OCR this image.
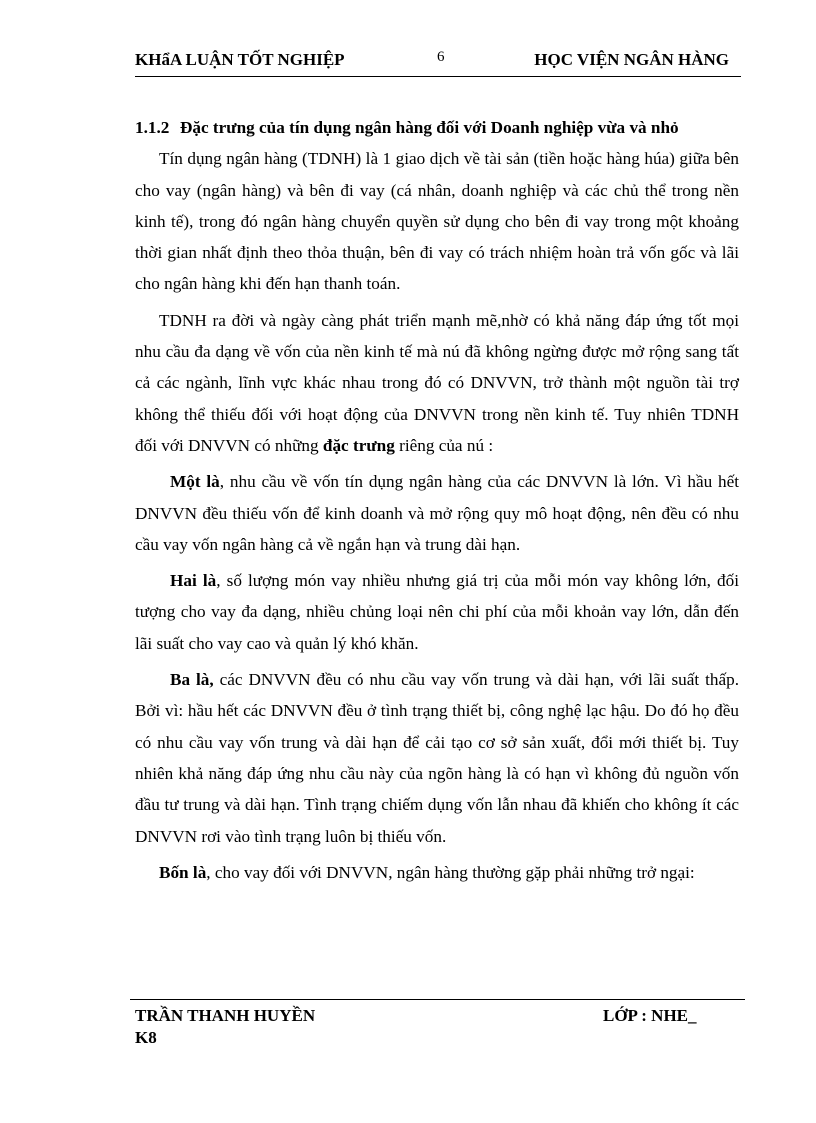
KHẩA LUẬN TỐT NGHIỆP	6	HỌC VIỆN NGÂN HÀNG

1.1.2 Đặc trưng của tín dụng ngân hàng đối với Doanh nghiệp vừa và nhỏ

Tín dụng ngân hàng (TDNH) là 1 giao dịch về tài sản (tiền hoặc hàng húa) giữa bên cho vay (ngân hàng) và bên đi vay (cá nhân, doanh nghiệp và các chủ thể trong nền kinh tế), trong đó ngân hàng chuyển quyền sử dụng cho bên đi vay trong một khoảng thời gian nhất định theo thỏa thuận, bên đi vay có trách nhiệm hoàn trả vốn gốc và lãi cho ngân hàng khi đến hạn thanh toán.

TDNH ra đời và ngày càng phát triển mạnh mẽ,nhờ có khả năng đáp ứng tốt mọi nhu cầu đa dạng về vốn của nền kinh tế mà nú đã không ngừng được mở rộng sang tất cả các ngành, lĩnh vực khác nhau trong đó có DNVVN, trở thành một nguồn tài trợ không thể thiếu đối với hoạt động của DNVVN trong nền kinh tế. Tuy nhiên TDNH đối với DNVVN có những đặc trưng riêng của nú :

Một là, nhu cầu về vốn tín dụng ngân hàng của các DNVVN là lớn. Vì hầu hết DNVVN đều thiếu vốn để kinh doanh và mở rộng quy mô hoạt động, nên đều có nhu cầu vay vốn ngân hàng cả về ngắn hạn và trung dài hạn.

Hai là, số lượng món vay nhiều nhưng giá trị của mỗi món vay không lớn, đối tượng cho vay đa dạng, nhiều chủng loại nên chi phí của mỗi khoản vay lớn, dẫn đến lãi suất cho vay cao và quản lý khó khăn.

Ba là, các DNVVN đều có nhu cầu vay vốn trung và dài hạn, với lãi suất thấp. Bởi vì: hầu hết các DNVVN đều ở tình trạng thiết bị, công nghệ lạc hậu. Do đó họ đều có nhu cầu vay vốn trung và dài hạn để cải tạo cơ sở sản xuất, đổi mới thiết bị. Tuy nhiên khả năng đáp ứng nhu cầu này của ngõn hàng là có hạn vì không đủ nguồn vốn đầu tư trung và dài hạn. Tình trạng chiếm dụng vốn lẫn nhau đã khiến cho không ít các DNVVN rơi vào tình trạng luôn bị thiếu vốn.

Bốn là, cho vay đối với DNVVN, ngân hàng thường gặp phải những trở ngại:

TRẦN THANH HUYỀN	LỚP : NHE_
K8
